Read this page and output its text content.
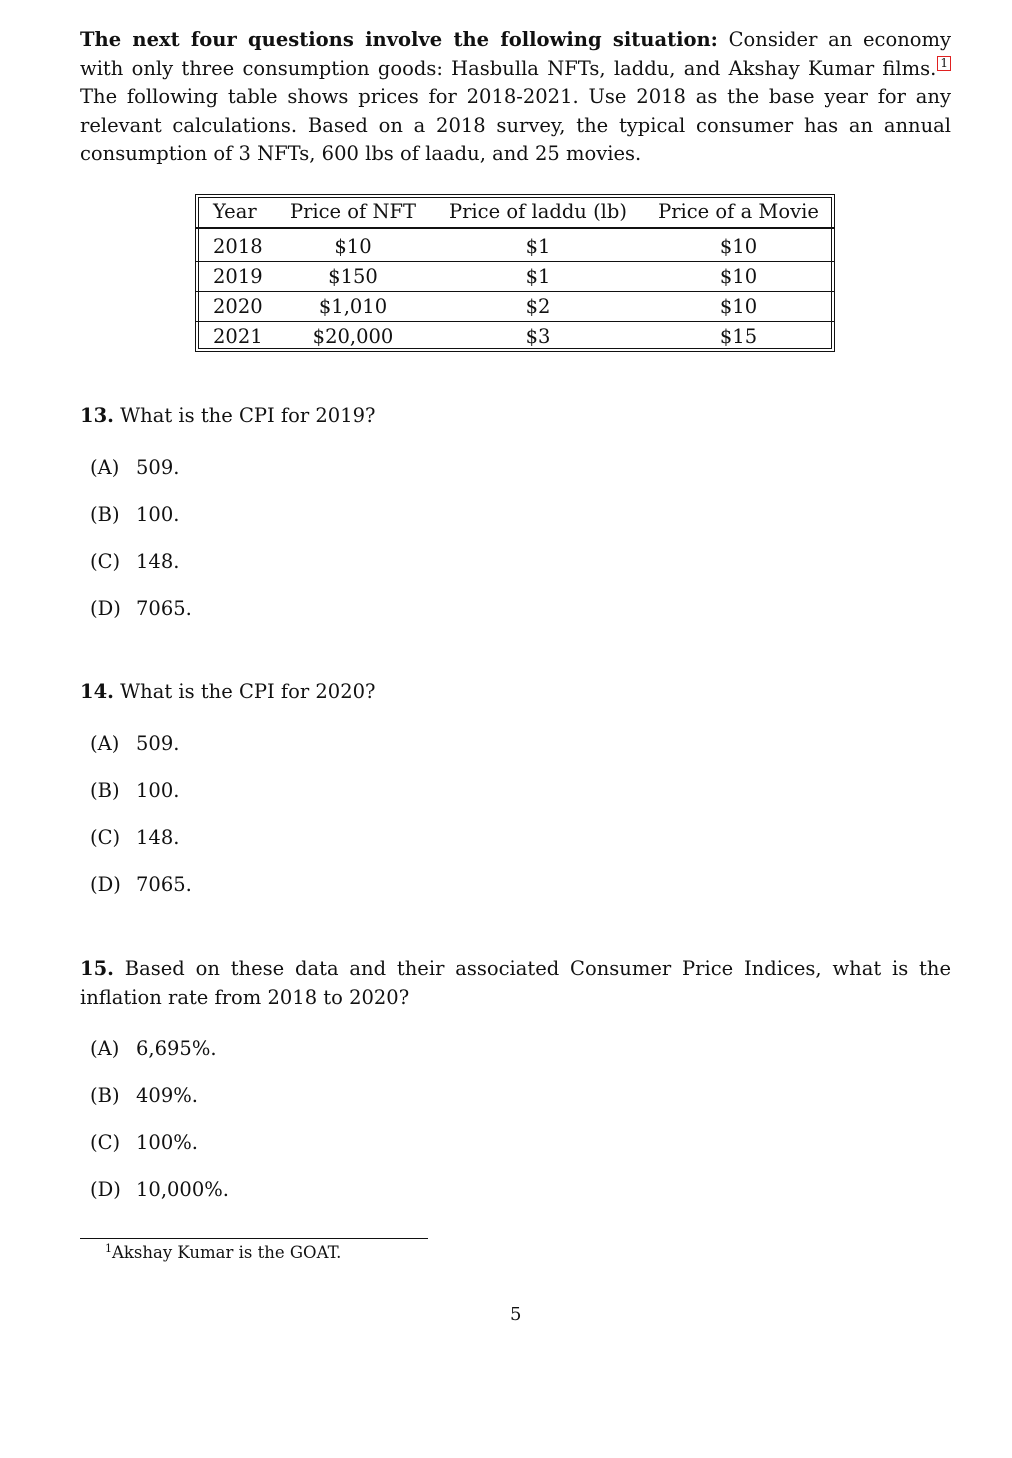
The next four questions involve the following situation: Consider an economy with only three consumption goods: Hasbulla NFTs, laddu, and Akshay Kumar films. 1 The following table shows prices for 2018-2021. Use 2018 as the base year for any relevant calculations. Based on a 2018 survey, the typical consumer has an annual consumption of 3 NFTs, 600 lbs of laadu, and 25 movies.

Year	Price of NFT	Price of laddu (lb)	Price of a Movie
2018	$10	$1	$10
2019	$150	$1	$10
2020	$1,010	$2	$10
2021	$20,000	$3	$15

13. What is the CPI for 2019?

(A) 509.
(B) 100.
(C) 148.
(D) 7065.

14. What is the CPI for 2020?

(A) 509.
(B) 100.
(C) 148.
(D) 7065.

15. Based on these data and their associated Consumer Price Indices, what is the inflation rate from 2018 to 2020?

(A) 6,695%.
(B) 409%.
(C) 100%.
(D) 10,000%.
$^1$Akshay Kumar is the GOAT.
5
